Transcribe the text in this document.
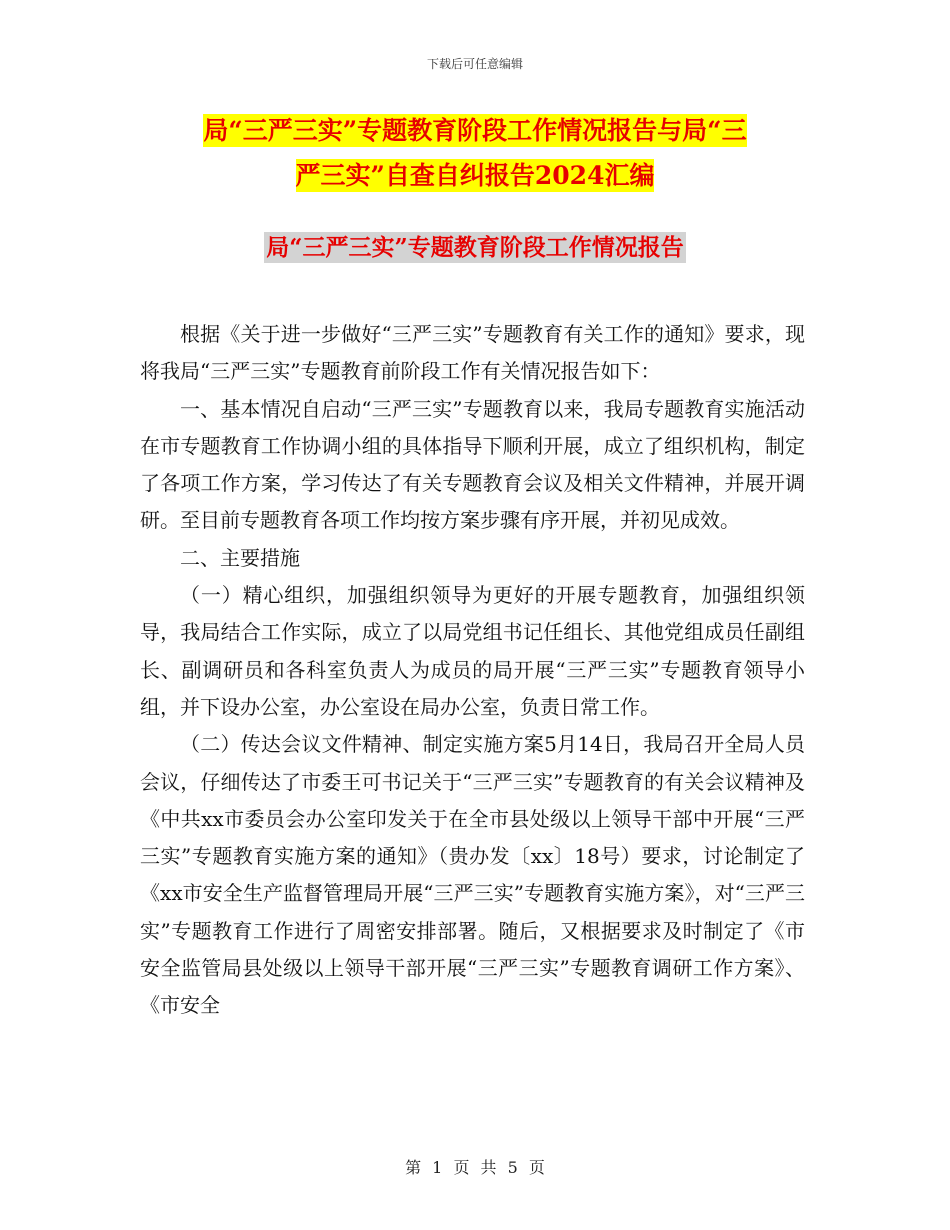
下载后可任意编辑
局“三严三实”专题教育阶段工作情况报告与局“三
严三实”自查自纠报告2024汇编
局“三严三实”专题教育阶段工作情况报告

根据《关于进一步做好“三严三实”专题教育有关工作的通知》要求，现将我局“三严三实”专题教育前阶段工作有关情况报告如下：

一、基本情况自启动“三严三实”专题教育以来，我局专题教育实施活动在市专题教育工作协调小组的具体指导下顺利开展，成立了组织机构，制定了各项工作方案，学习传达了有关专题教育会议及相关文件精神，并展开调研。至目前专题教育各项工作均按方案步骤有序开展，并初见成效。

二、主要措施

（一）精心组织，加强组织领导为更好的开展专题教育，加强组织领导，我局结合工作实际，成立了以局党组书记任组长、其他党组成员任副组长、副调研员和各科室负责人为成员的局开展“三严三实”专题教育领导小组，并下设办公室，办公室设在局办公室，负责日常工作。

（二）传达会议文件精神、制定实施方案5月14日，我局召开全局人员会议，仔细传达了市委王可书记关于“三严三实”专题教育的有关会议精神及《中共xx市委员会办公室印发关于在全市县处级以上领导干部中开展“三严三实”专题教育实施方案的通知》（贵办发〔xx〕18号）要求，讨论制定了《xx市安全生产监督管理局开展“三严三实”专题教育实施方案》，对“三严三实”专题教育工作进行了周密安排部署。随后，又根据要求及时制定了《市安全监管局县处级以上领导干部开展“三严三实”专题教育调研工作方案》、《市安全

第 1 页 共 5 页
